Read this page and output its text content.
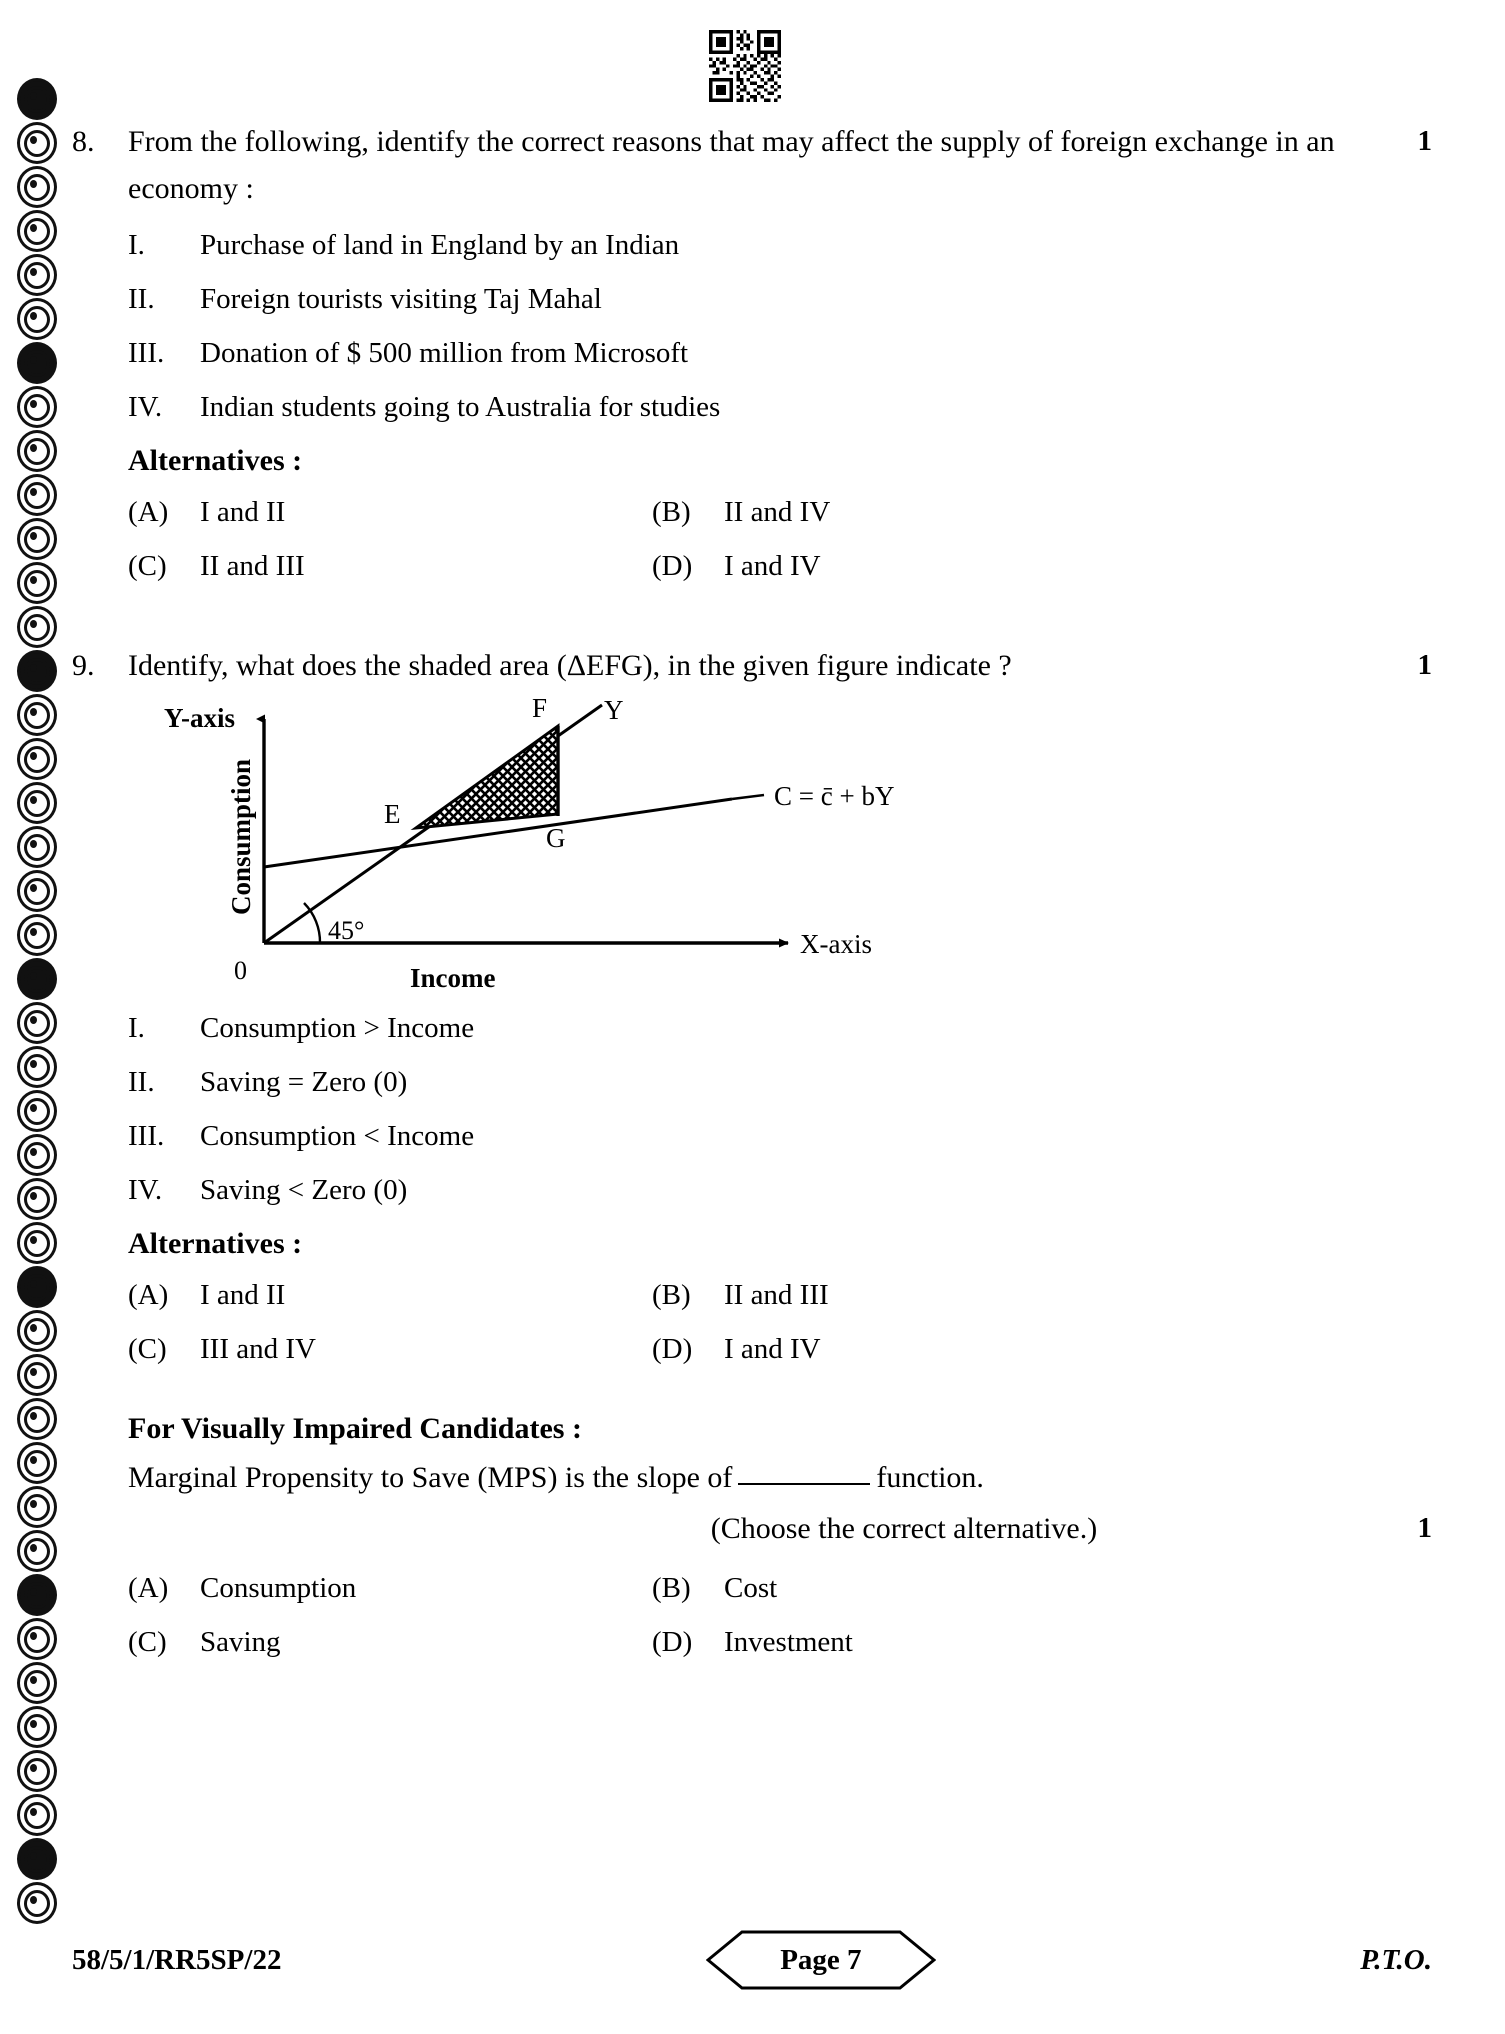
8.	From the following, identify the correct reasons that may affect the supply of foreign exchange in an economy :
1
I.	Purchase of land in England by an Indian
II.	Foreign tourists visiting Taj Mahal
III.	Donation of $ 500 million from Microsoft
IV.	Indian students going to Australia for studies
Alternatives :
(A)	I and II	(B)	II and IV
(C)	II and III	(D)	I and IV
9.	Identify, what does the shaded area (ΔEFG), in the given figure indicate ?	1
Y-axis
Consumption
X-axis
Income
0
45°
Y
F
E
G
C = c̄ + bY
I.	Consumption > Income
II.	Saving = Zero (0)
III.	Consumption < Income
IV.	Saving < Zero (0)
Alternatives :
(A)	I and II	(B)	II and III
(C)	III and IV	(D)	I and IV
For Visually Impaired Candidates :
Marginal Propensity to Save (MPS) is the slope of	function.
(Choose the correct alternative.)	1
(A)	Consumption	(B)	Cost
(C)	Saving	(D)	Investment
58/5/1/RR5SP/22	Page 7	P.T.O.
